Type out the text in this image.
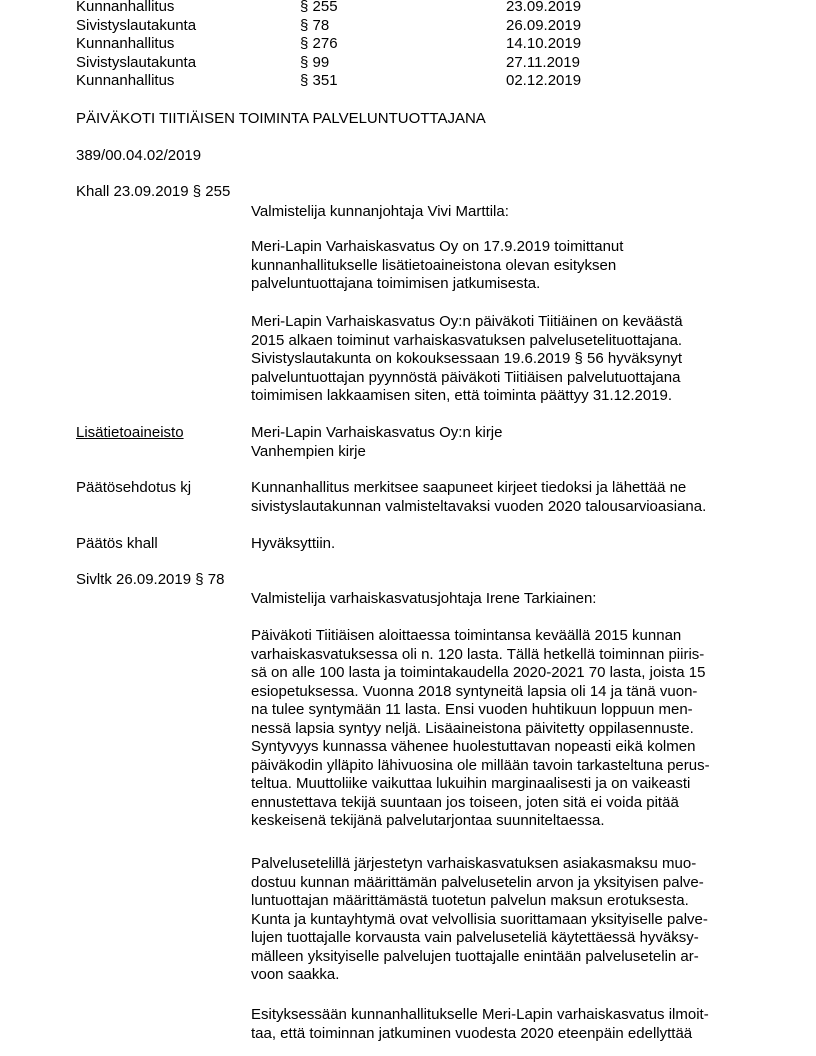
Kunnanhallitus	§ 255	23.09.2019
Sivistyslautakunta	§ 78	26.09.2019
Kunnanhallitus	§ 276	14.10.2019
Sivistyslautakunta	§ 99	27.11.2019
Kunnanhallitus	§ 351	02.12.2019
PÄIVÄKOTI TIITIÄISEN TOIMINTA PALVELUNTUOTTAJANA
389/00.04.02/2019
Khall 23.09.2019 § 255
Valmistelija kunnanjohtaja Vivi Marttila:
Meri-Lapin Varhaiskasvatus Oy on 17.9.2019 toimittanut
kunnanhallitukselle lisätietoaineistona olevan esityksen
palveluntuottajana toimimisen jatkumisesta.
Meri-Lapin Varhaiskasvatus Oy:n päiväkoti Tiitiäinen on keväästä
2015 alkaen toiminut varhaiskasvatuksen palvelusetelituottajana.
Sivistyslautakunta on kokouksessaan 19.6.2019 § 56 hyväksynyt
palveluntuottajan pyynnöstä päiväkoti Tiitiäisen palvelutuottajana
toimimisen lakkaamisen siten, että toiminta päättyy 31.12.2019.
Lisätietoaineisto	Meri-Lapin Varhaiskasvatus Oy:n kirje
Vanhempien kirje
Päätösehdotus kj	Kunnanhallitus merkitsee saapuneet kirjeet tiedoksi ja lähettää ne
sivistyslautakunnan valmisteltavaksi vuoden 2020 talousarvioasiana.
Päätös khall	Hyväksyttiin.
Sivltk 26.09.2019 § 78
Valmistelija varhaiskasvatusjohtaja Irene Tarkiainen:
Päiväkoti Tiitiäisen aloittaessa toimintansa keväällä 2015 kunnan
varhaiskasvatuksessa oli n. 120 lasta. Tällä hetkellä toiminnan piiris-
sä on alle 100 lasta ja toimintakaudella 2020-2021 70 lasta, joista 15
esiopetuksessa. Vuonna 2018 syntyneitä lapsia oli 14 ja tänä vuon-
na tulee syntymään 11 lasta. Ensi vuoden huhtikuun loppuun men-
nessä lapsia syntyy neljä. Lisäaineistona päivitetty oppilasennuste.
Syntyvyys kunnassa vähenee huolestuttavan nopeasti eikä kolmen
päiväkodin ylläpito lähivuosina ole millään tavoin tarkasteltuna perus-
teltua. Muuttoliike vaikuttaa lukuihin marginaalisesti ja on vaikeasti
ennustettava tekijä suuntaan jos toiseen, joten sitä ei voida pitää
keskeisenä tekijänä palvelutarjontaa suunniteltaessa.
Palvelusetelillä järjestetyn varhaiskasvatuksen asiakasmaksu muo-
dostuu kunnan määrittämän palvelusetelin arvon ja yksityisen palve-
luntuottajan määrittämästä tuotetun palvelun maksun erotuksesta.
Kunta ja kuntayhtymä ovat velvollisia suorittamaan yksityiselle palve-
lujen tuottajalle korvausta vain palveluseteliä käytettäessä hyväksy-
mälleen yksityiselle palvelujen tuottajalle enintään palvelusetelin ar-
voon saakka.
Esityksessään kunnanhallitukselle Meri-Lapin varhaiskasvatus ilmoit-
taa, että toiminnan jatkuminen vuodesta 2020 eteenpäin edellyttää
